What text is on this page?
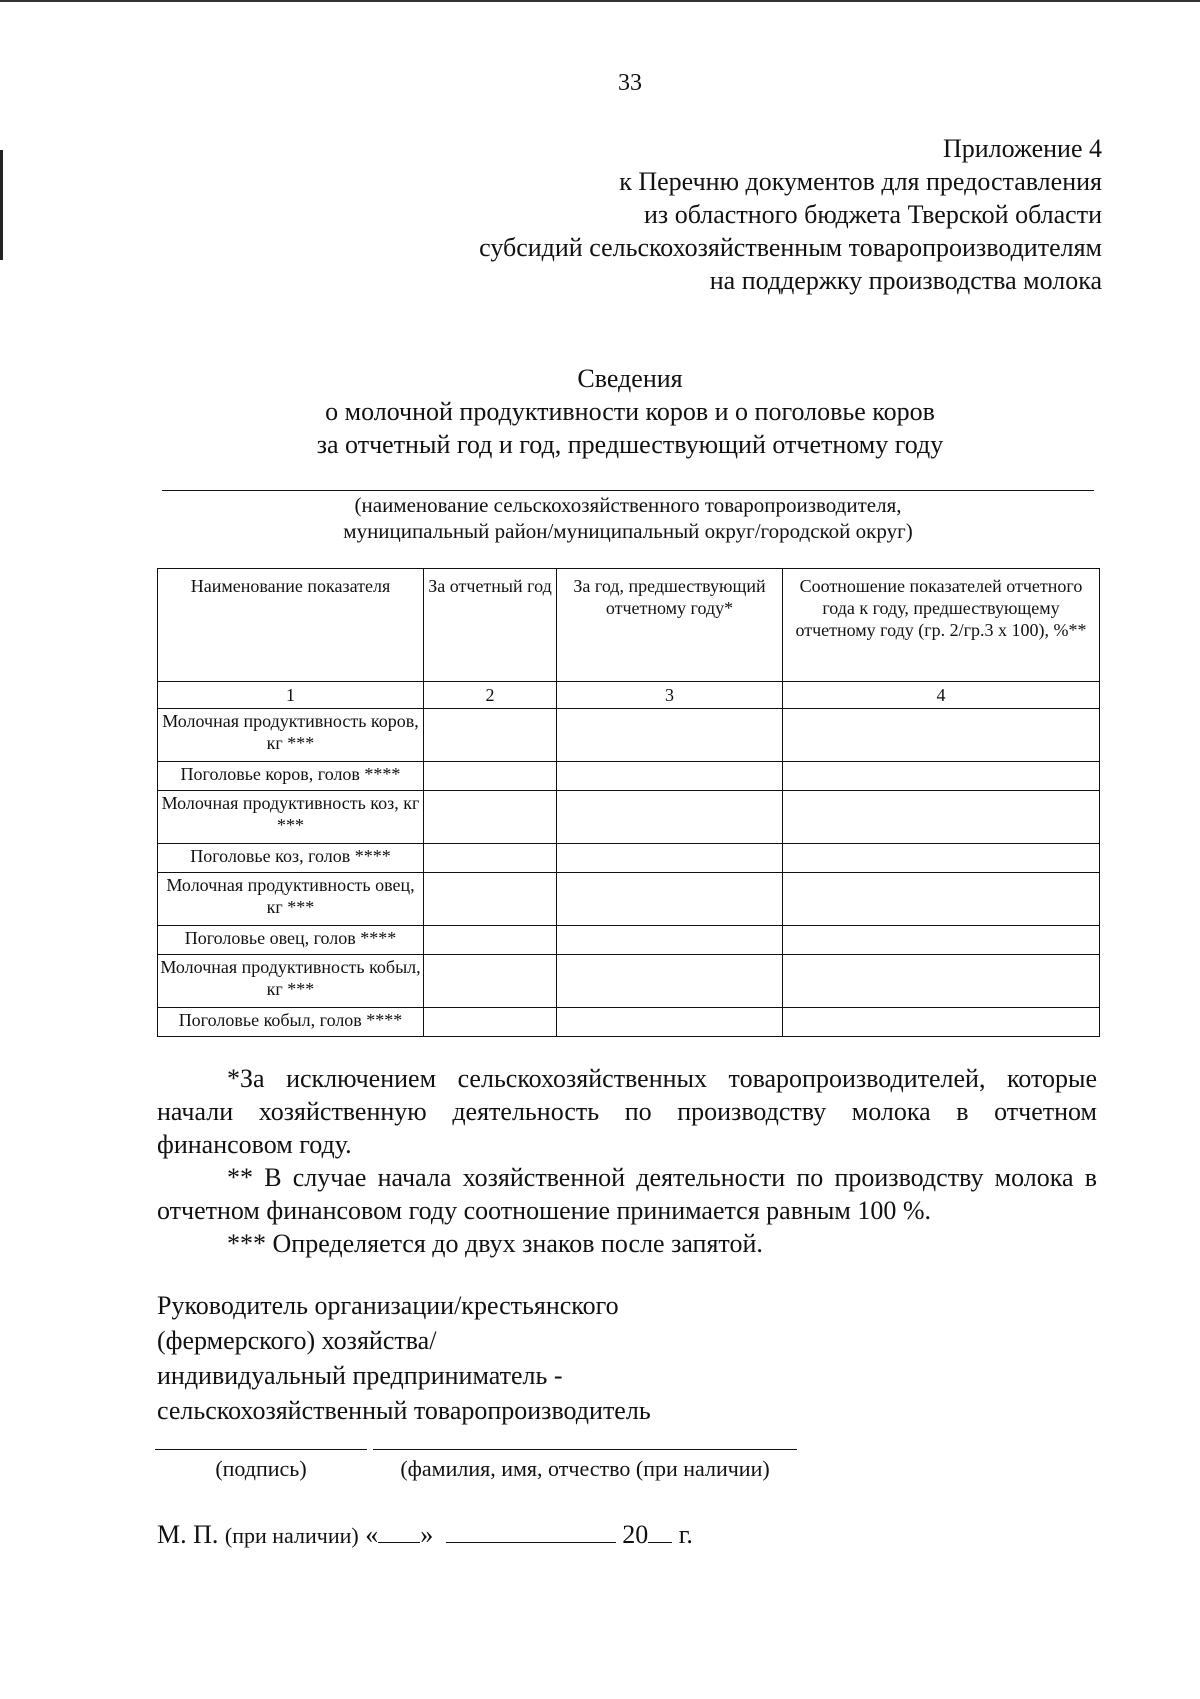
33
Приложение 4
к Перечню документов для предоставления
из областного бюджета Тверской области
субсидий сельскохозяйственным товаропроизводителям
на поддержку производства молока
Сведения
о молочной продуктивности коров и о поголовье коров
за отчетный год и год, предшествующий отчетному году
(наименование сельскохозяйственного товаропроизводителя,
муниципальный район/муниципальный округ/городской округ)
Наименование показателя	За отчетный год	За год, предшествующий отчетному году*	Соотношение показателей отчетного года к году, предшествующему отчетному году (гр. 2/гр.3 х 100), %**
1	2	3	4
Молочная продуктивность коров, кг ***			
Поголовье коров, голов ****			
Молочная продуктивность коз, кг ***			
Поголовье коз, голов ****			
Молочная продуктивность овец, кг ***			
Поголовье овец, голов ****			
Молочная продуктивность кобыл, кг ***			
Поголовье кобыл, голов ****			

*За исключением сельскохозяйственных товаропроизводителей, которые начали хозяйственную деятельность по производству молока в отчетном финансовом году.

** В случае начала хозяйственной деятельности по производству молока в отчетном финансовом году соотношение принимается равным 100 %.

*** Определяется до двух знаков после запятой.

Руководитель организации/крестьянского
(фермерского) хозяйства/
индивидуальный предприниматель -
сельскохозяйственный товаропроизводитель
(подпись)	(фамилия, имя, отчество (при наличии)
М. П. (при наличии) « »	20 г.
